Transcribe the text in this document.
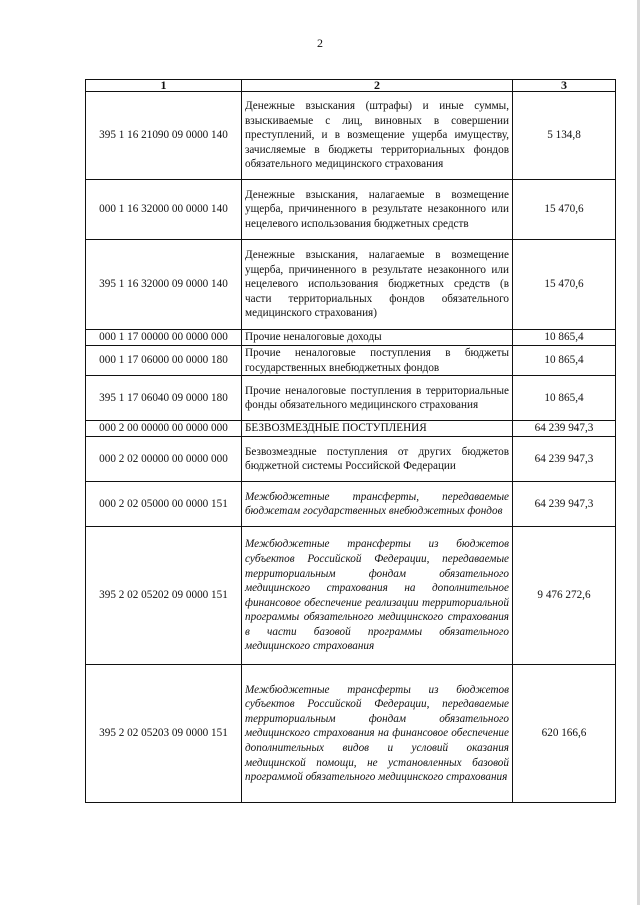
2
1	2	3
395 1 16 21090 09 0000 140	Денежные взыскания (штрафы) и иные суммы, взыскиваемые с лиц, виновных в совершении преступлений, и в возмещение ущерба имуществу, зачисляемые в бюджеты территориальных фондов обязательного медицинского страхования	5 134,8
000 1 16 32000 00 0000 140	Денежные взыскания, налагаемые в возмещение ущерба, причиненного в результате незаконного или нецелевого использования бюджетных средств	15 470,6
395 1 16 32000 09 0000 140	Денежные взыскания, налагаемые в возмещение ущерба, причиненного в результате незаконного или нецелевого использования бюджетных средств (в части территориальных фондов обязательного медицинского страхования)	15 470,6
000 1 17 00000 00 0000 000	Прочие неналоговые доходы	10 865,4
000 1 17 06000 00 0000 180	Прочие неналоговые поступления в бюджеты государственных внебюджетных фондов	10 865,4
395 1 17 06040 09 0000 180	Прочие неналоговые поступления в территориальные фонды обязательного медицинского страхования	10 865,4
000 2 00 00000 00 0000 000	БЕЗВОЗМЕЗДНЫЕ ПОСТУПЛЕНИЯ	64 239 947,3
000 2 02 00000 00 0000 000	Безвозмездные поступления от других бюджетов бюджетной системы Российской Федерации	64 239 947,3
000 2 02 05000 00 0000 151	Межбюджетные трансферты, передаваемые бюджетам государственных внебюджетных фондов	64 239 947,3
395 2 02 05202 09 0000 151	Межбюджетные трансферты из бюджетов субъектов Российской Федерации, передаваемые территориальным фондам обязательного медицинского страхования на дополнительное финансовое обеспечение реализации территориальной программы обязательного медицинского страхования в части базовой программы обязательного медицинского страхования	9 476 272,6
395 2 02 05203 09 0000 151	Межбюджетные трансферты из бюджетов субъектов Российской Федерации, передаваемые территориальным фондам обязательного медицинского страхования на финансовое обеспечение дополнительных видов и условий оказания медицинской помощи, не установленных базовой программой обязательного медицинского страхования	620 166,6
